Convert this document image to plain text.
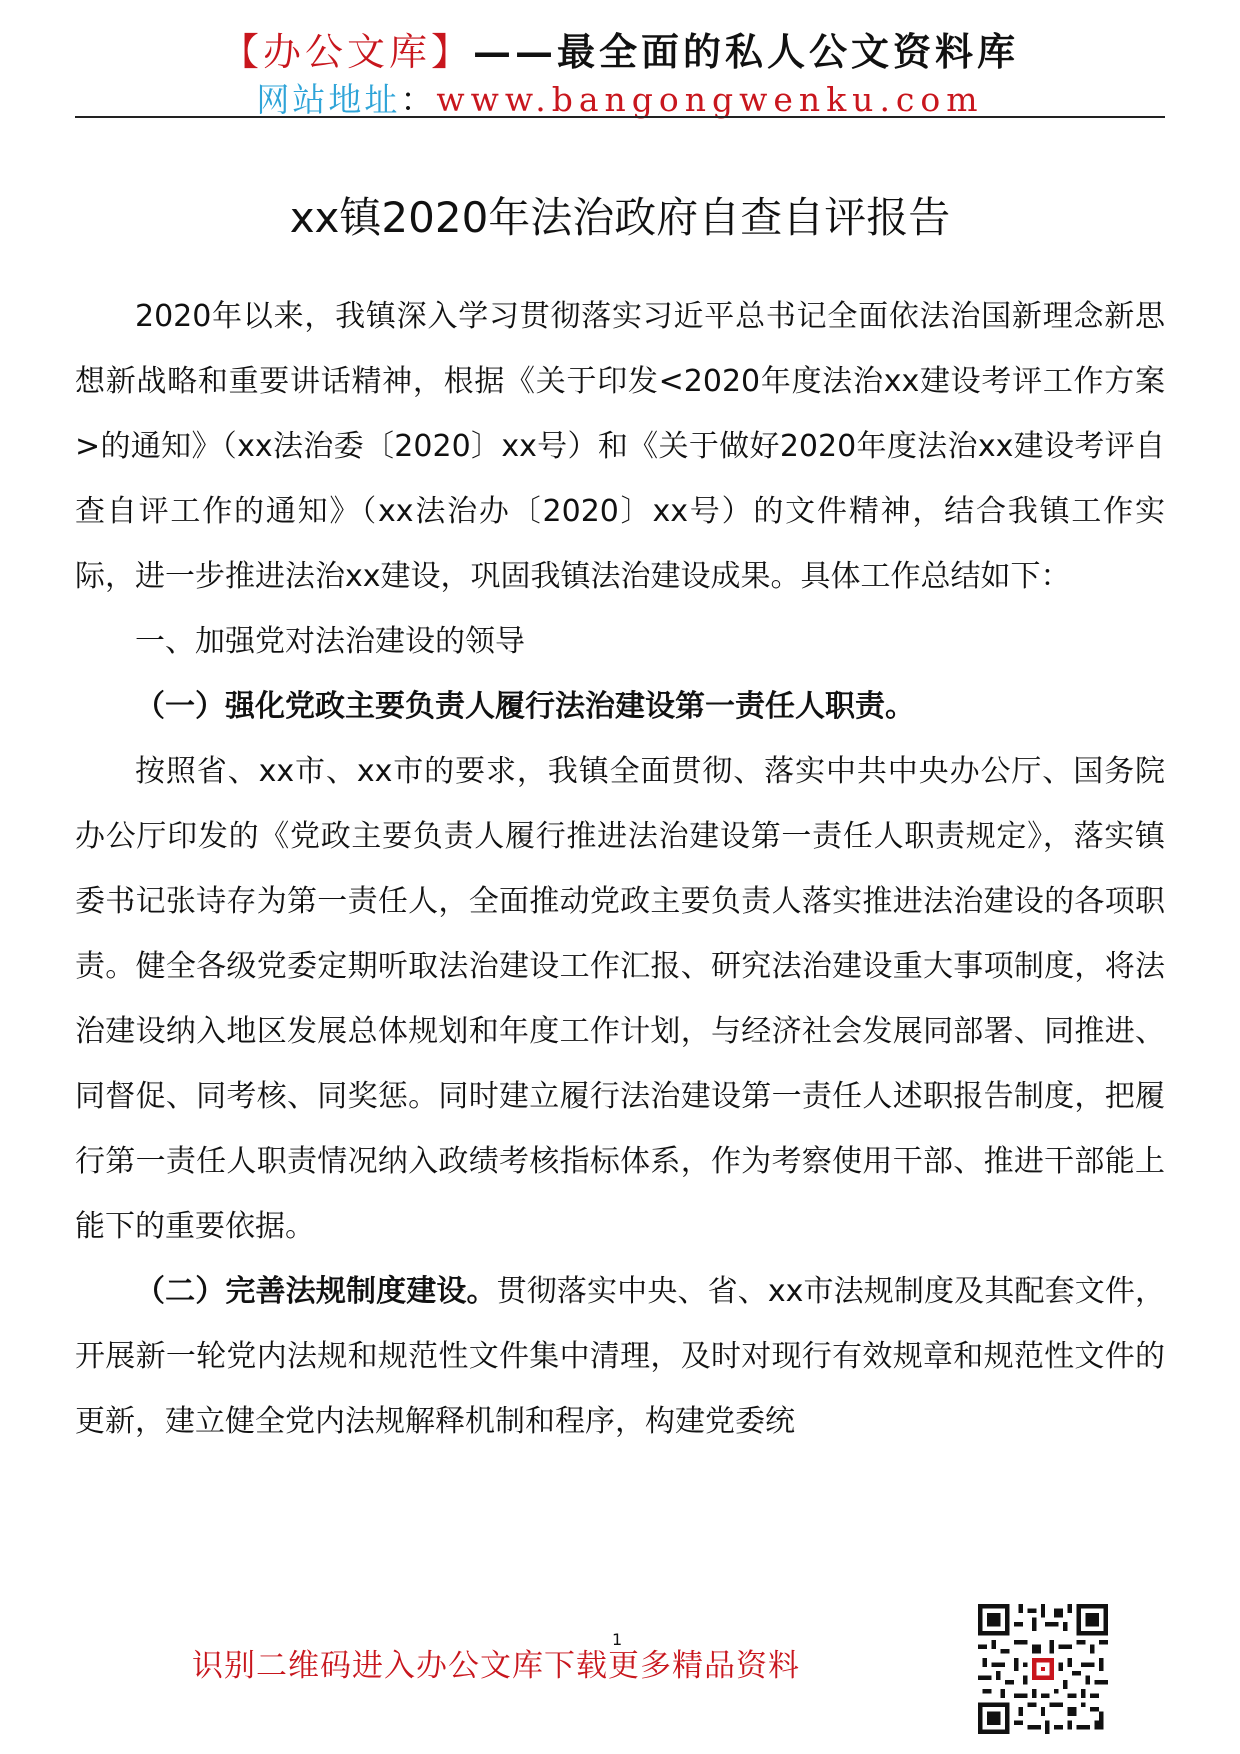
【办公文库】——最全面的私人公文资料库
网站地址：www.bangongwenku.com
xx镇2020年法治政府自查自评报告

2020年以来，我镇深入学习贯彻落实习近平总书记全面依法治国新理念新思想新战略和重要讲话精神，根据《关于印发<2020年度法治xx建设考评工作方案>的通知》（xx法治委〔2020〕xx号）和《关于做好2020年度法治xx建设考评自查自评工作的通知》（xx法治办〔2020〕xx号）的文件精神，结合我镇工作实际，进一步推进法治xx建设，巩固我镇法治建设成果。具体工作总结如下：

一、加强党对法治建设的领导

（一）强化党政主要负责人履行法治建设第一责任人职责。

按照省、xx市、xx市的要求，我镇全面贯彻、落实中共中央办公厅、国务院办公厅印发的《党政主要负责人履行推进法治建设第一责任人职责规定》，落实镇委书记张诗存为第一责任人，全面推动党政主要负责人落实推进法治建设的各项职责。健全各级党委定期听取法治建设工作汇报、研究法治建设重大事项制度，将法治建设纳入地区发展总体规划和年度工作计划，与经济社会发展同部署、同推进、同督促、同考核、同奖惩。同时建立履行法治建设第一责任人述职报告制度，把履行第一责任人职责情况纳入政绩考核指标体系，作为考察使用干部、推进干部能上能下的重要依据。

（二）完善法规制度建设。贯彻落实中央、省、xx市法规制度及其配套文件，开展新一轮党内法规和规范性文件集中清理，及时对现行有效规章和规范性文件的更新，建立健全党内法规解释机制和程序，构建党委统

1
识别二维码进入办公文库下载更多精品资料
